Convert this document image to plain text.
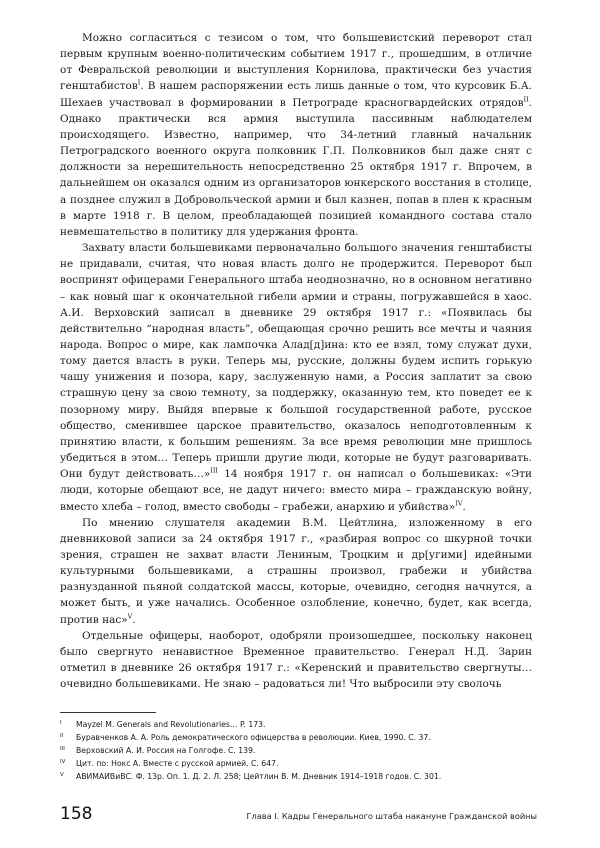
Можно согласиться с тезисом о том, что большевистский переворот стал первым крупным военно-политическим событием 1917 г., прошедшим, в отличие от Февральской революции и выступления Корнилова, практически без участия генштабистов$^I$. В нашем распоряжении есть лишь данные о том, что курсовик Б.А. Шехаев участвовал в формировании в Петрограде красногвардейских отрядов$^{II}$. Однако практически вся армия выступила пассивным наблюдателем происходящего. Известно, например, что 34-летний главный начальник Петроградского военного округа полковник Г.П. Полковников был даже снят с должности за нерешительность непосредственно 25 октября 1917 г. Впрочем, в дальнейшем он оказался одним из организаторов юнкерского восстания в столице, а позднее служил в Добровольческой армии и был казнен, попав в плен к красным в марте 1918 г. В целом, преобладающей позицией командного состава стало невмешательство в политику для удержания фронта.

Захвату власти большевиками первоначально большого значения генштабисты не придавали, считая, что новая власть долго не продержится. Переворот был воспринят офицерами Генерального штаба неоднозначно, но в основном негативно – как новый шаг к окончательной гибели армии и страны, погружавшейся в хаос. А.И. Верховский записал в дневнике 29 октября 1917 г.: «Появилась бы действительно “народная власть”, обещающая срочно решить все мечты и чаяния народа. Вопрос о мире, как лампочка Алад[д]ина: кто ее взял, тому служат духи, тому дается власть в руки. Теперь мы, русские, должны будем испить горькую чашу унижения и позора, кару, заслуженную нами, а Россия заплатит за свою страшную цену за свою темноту, за поддержку, оказанную тем, кто поведет ее к позорному миру. Выйдя впервые к большой государственной работе, русское общество, сменившее царское правительство, оказалось неподготовленным к принятию власти, к большим решениям. За все время революции мне пришлось убедиться в этом… Теперь пришли другие люди, которые не будут разговаривать. Они будут действовать…»$^{III}$ 14 ноября 1917 г. он написал о большевиках: «Эти люди, которые обещают все, не дадут ничего: вместо мира – гражданскую войну, вместо хлеба – голод, вместо свободы – грабежи, анархию и убийства»$^{IV}$.

По мнению слушателя академии В.М. Цейтлина, изложенному в его дневниковой записи за 24 октября 1917 г., «разбирая вопрос со шкурной точки зрения, страшен не захват власти Лениным, Троцким и др[угими] идейными культурными большевиками, а страшны произвол, грабежи и убийства разнузданной пьяной солдатской массы, которые, очевидно, сегодня начнутся, а может быть, и уже начались. Особенное озлобление, конечно, будет, как всегда, против нас»$^V$.

Отдельные офицеры, наоборот, одобряли произошедшее, поскольку наконец было свергнуто ненавистное Временное правительство. Генерал Н.Д. Зарин отметил в дневнике 26 октября 1917 г.: «Керенский и правительство свергнуты… очевидно большевиками. Не знаю – радоваться ли! Что выбросили эту сволочь

I Mayzel M. Generals and Revolutionaries… P. 173.
II Буравченков А. А. Роль демократического офицерства в революции. Киев, 1990. С. 37.
III Верховский А. И. Россия на Голгофе. С. 139.
IV Цит. по: Нокс А. Вместе с русской армией. С. 647.
V АВИМАИВиВС. Ф. 13р. Оп. 1. Д. 2. Л. 258; Цейтлин В. М. Дневник 1914–1918 годов. С. 301.
158	Глава I. Кадры Генерального штаба накануне Гражданской войны
